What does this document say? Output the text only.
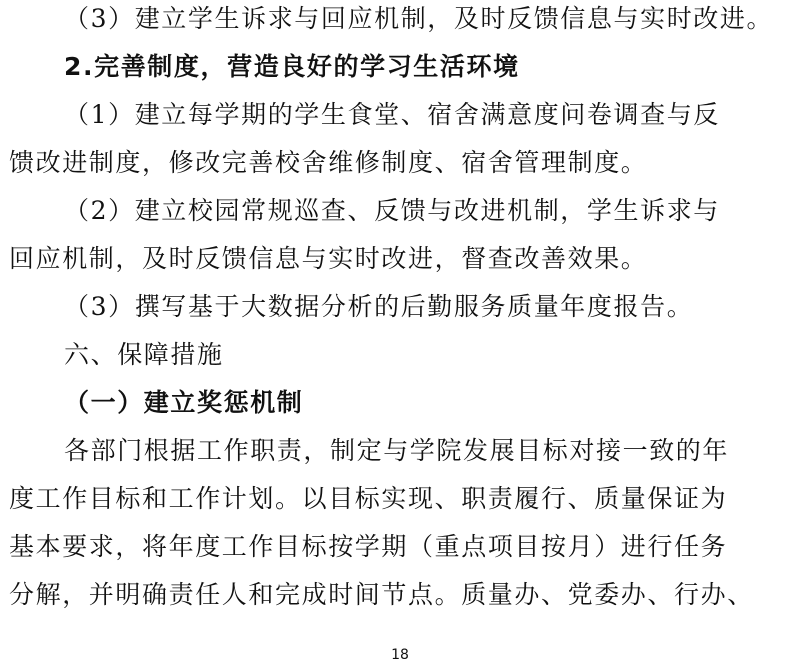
（3）建立学生诉求与回应机制，及时反馈信息与实时改进。
2.完善制度，营造良好的学习生活环境
（1）建立每学期的学生食堂、宿舍满意度问卷调查与反
馈改进制度，修改完善校舍维修制度、宿舍管理制度。
（2）建立校园常规巡查、反馈与改进机制，学生诉求与
回应机制，及时反馈信息与实时改进，督查改善效果。
（3）撰写基于大数据分析的后勤服务质量年度报告。
六、保障措施
（一）建立奖惩机制
各部门根据工作职责，制定与学院发展目标对接一致的年
度工作目标和工作计划。以目标实现、职责履行、质量保证为
基本要求，将年度工作目标按学期（重点项目按月）进行任务
分解，并明确责任人和完成时间节点。质量办、党委办、行办、
18
